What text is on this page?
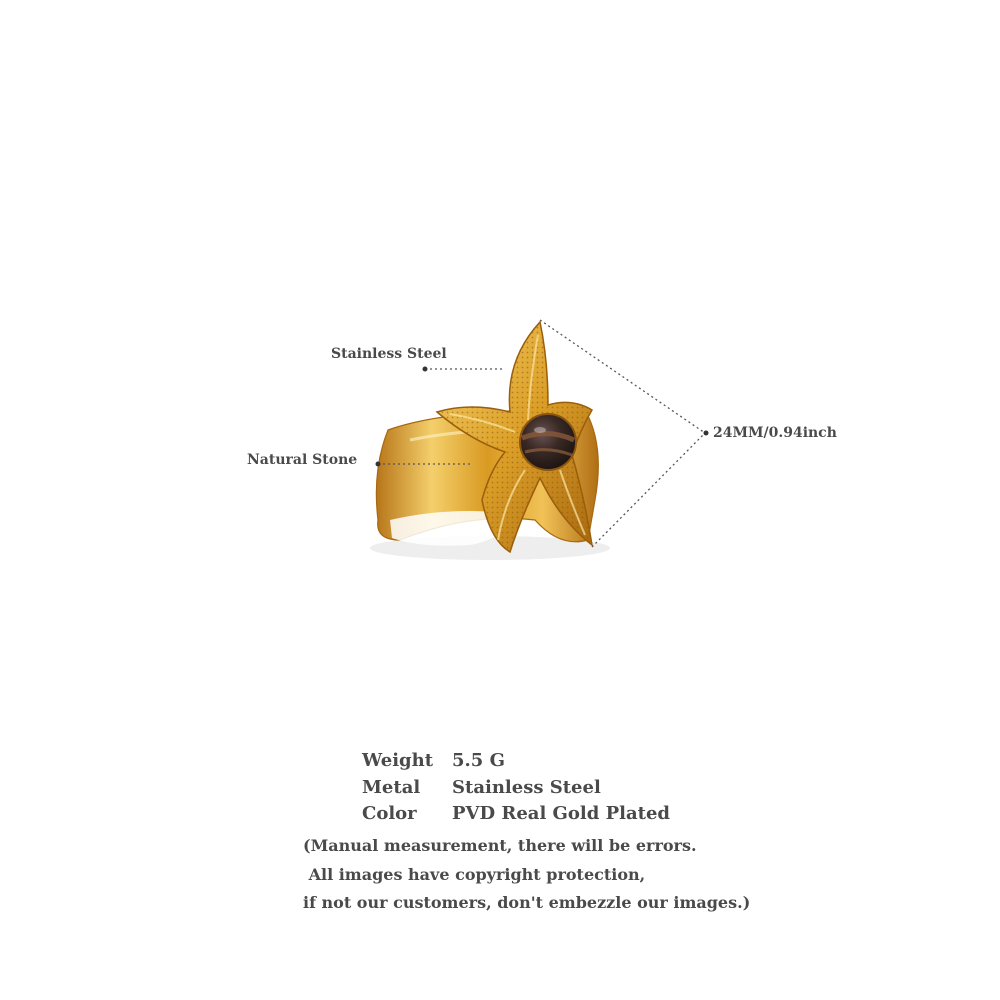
Stainless Steel
Natural Stone
24MM/0.94inch
Weight 5.5 G
Metal Stainless Steel
Color PVD Real Gold Plated
(Manual measurement, there will be errors.
All images have copyright protection,
if not our customers, don't embezzle our images.)
